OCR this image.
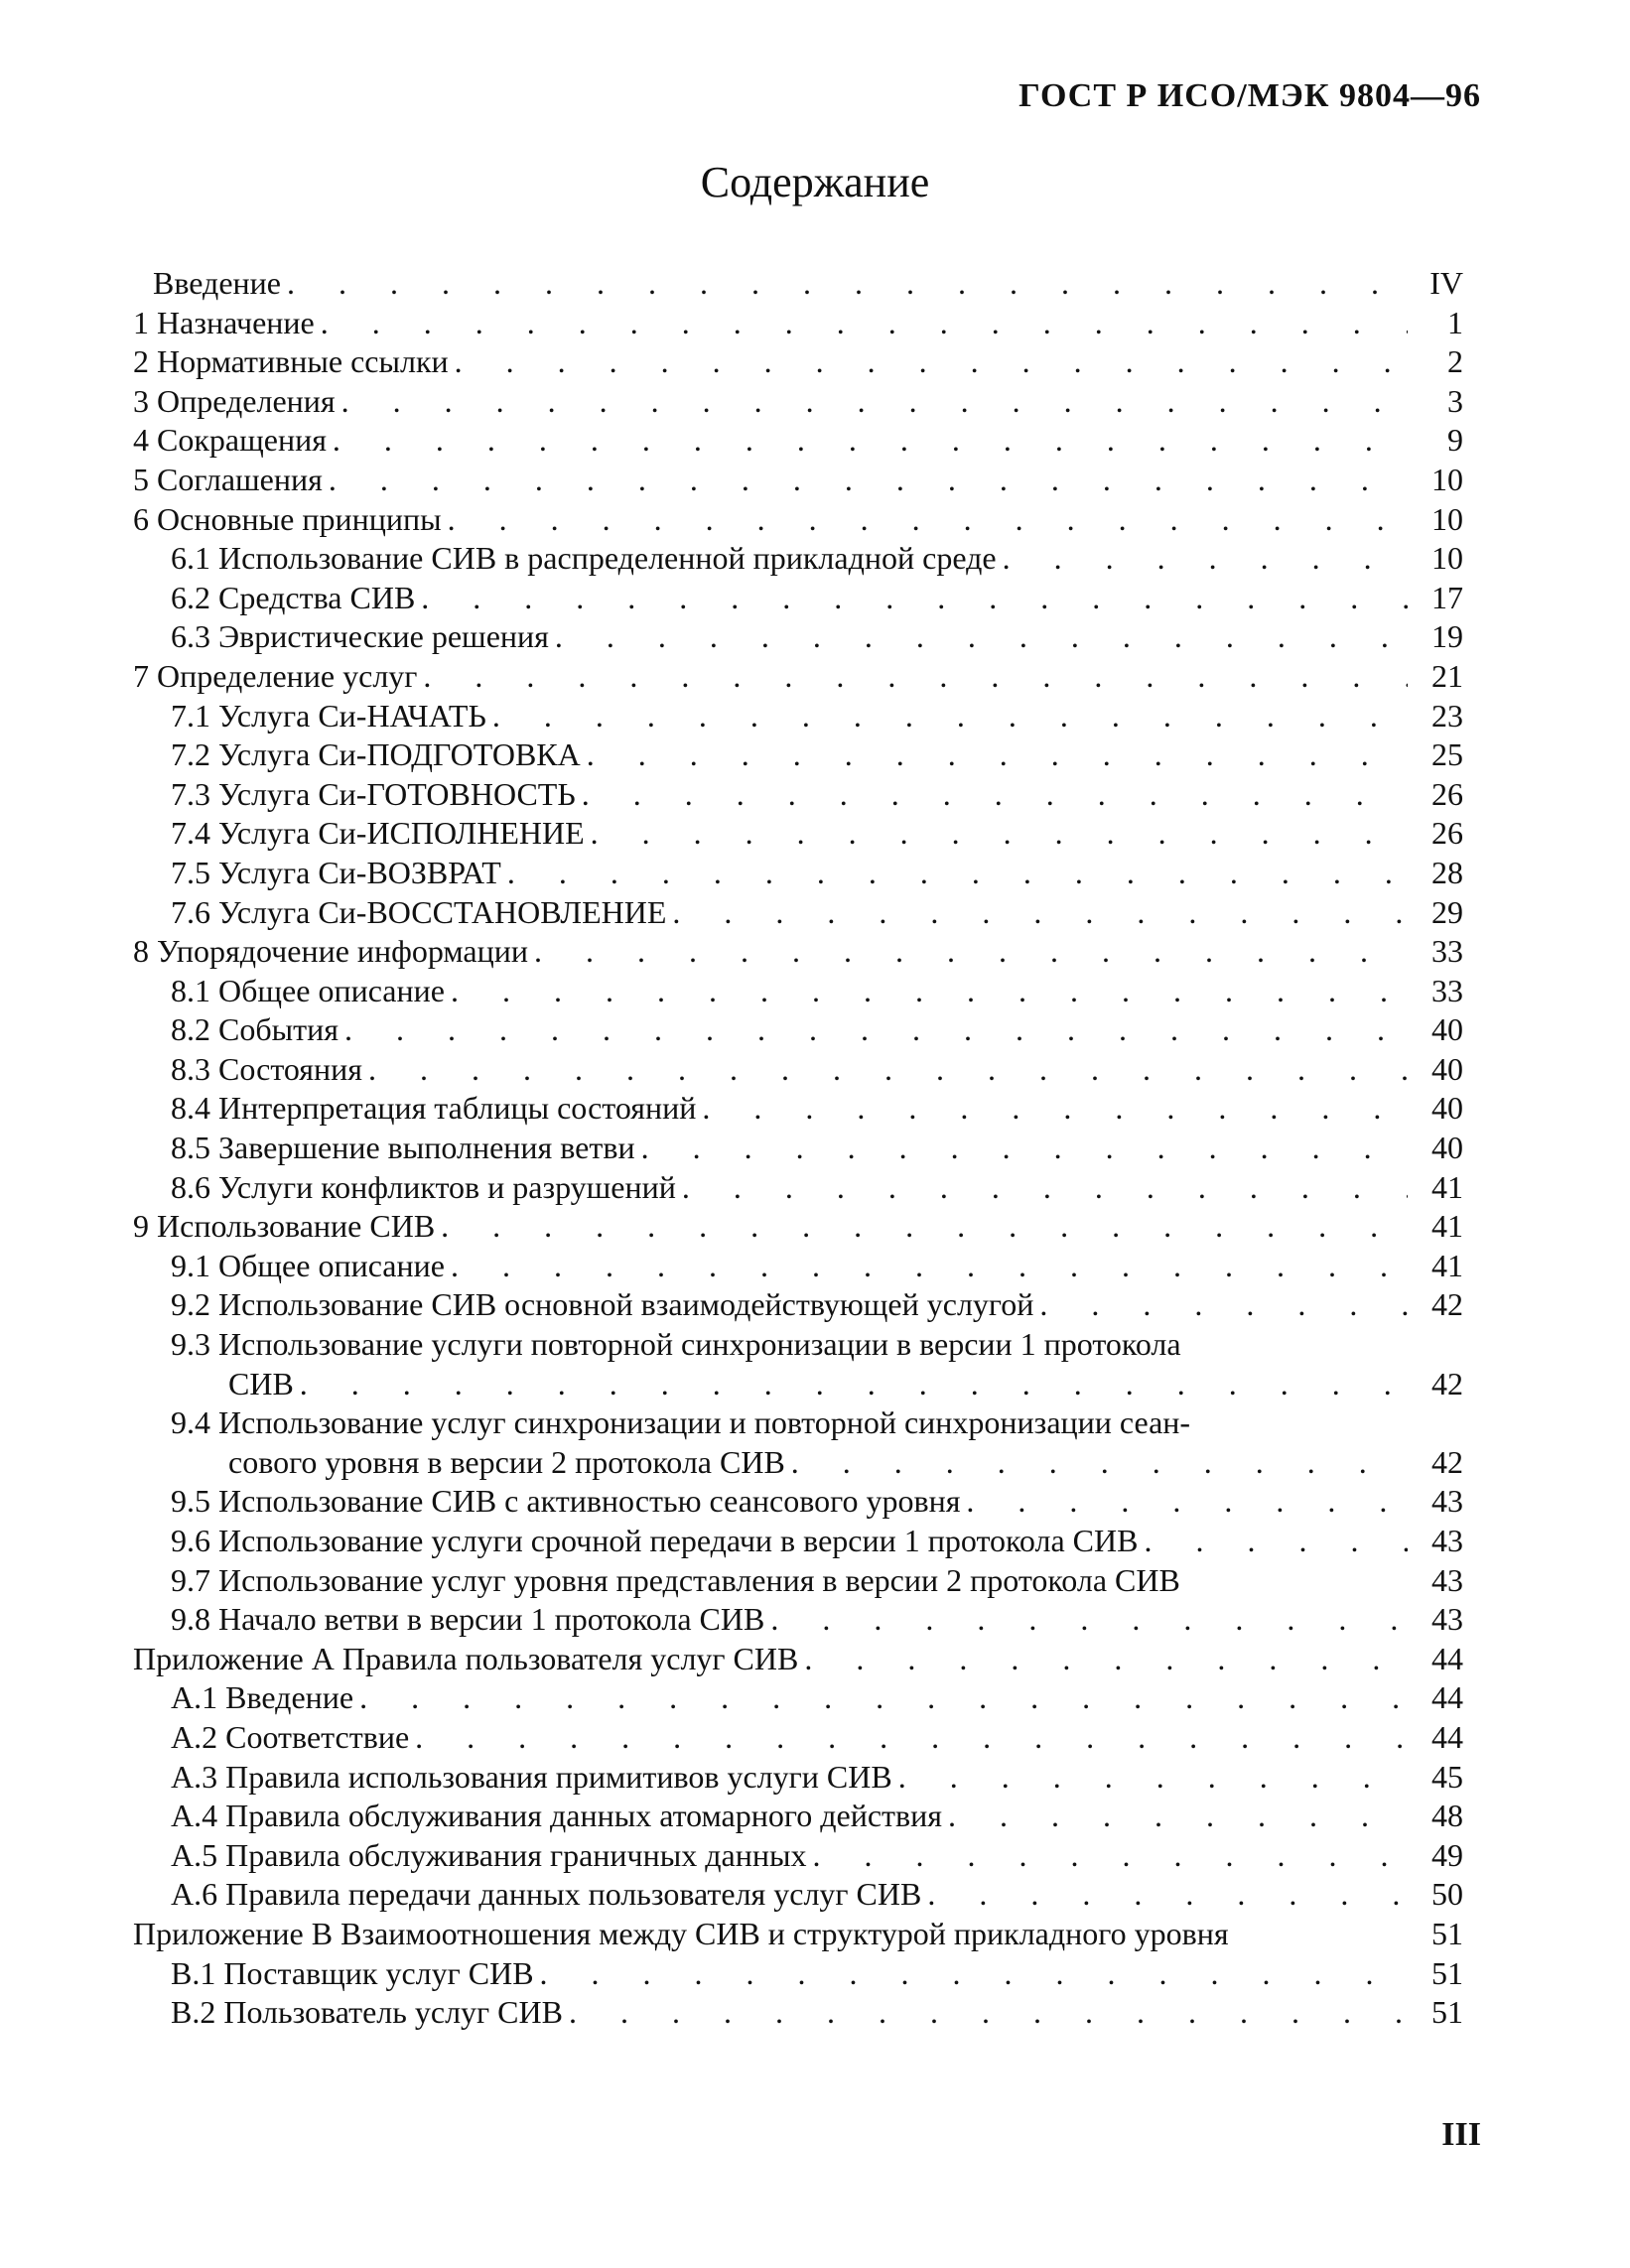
ГОСТ Р ИСО/МЭК 9804—96
Содержание
Введение . . .	IV
1 Назначение . . .	1
2 Нормативные ссылки . . .	2
3 Определения . . .	3
4 Сокращения . . .	9
5 Соглашения . . .	10
6 Основные принципы . . .	10
6.1 Использование СИВ в распределенной прикладной среде . . .	10
6.2 Средства СИВ . . .	17
6.3 Эвристические решения . . .	19
7 Определение услуг . . .	21
7.1 Услуга Си-НАЧАТЬ . . .	23
7.2 Услуга Си-ПОДГОТОВКА . . .	25
7.3 Услуга Си-ГОТОВНОСТЬ . . .	26
7.4 Услуга Си-ИСПОЛНЕНИЕ . . .	26
7.5 Услуга Си-ВОЗВРАТ . . .	28
7.6 Услуга Си-ВОССТАНОВЛЕНИЕ . . .	29
8 Упорядочение информации . . .	33
8.1 Общее описание . . .	33
8.2 События . . .	40
8.3 Состояния . . .	40
8.4 Интерпретация таблицы состояний . . .	40
8.5 Завершение выполнения ветви . . .	40
8.6 Услуги конфликтов и разрушений . . .	41
9 Использование СИВ . . .	41
9.1 Общее описание . . .	41
9.2 Использование СИВ основной взаимодействующей услугой . . .	42
9.3 Использование услуги повторной синхронизации в версии 1 протокола
СИВ . . .	42
9.4 Использование услуг синхронизации и повторной синхронизации сеан-
сового уровня в версии 2 протокола СИВ . . .	42
9.5 Использование СИВ с активностью сеансового уровня . . .	43
9.6 Использование услуги срочной передачи в версии 1 протокола СИВ . . .	43
9.7 Использование услуг уровня представления в версии 2 протокола СИВ	43
9.8 Начало ветви в версии 1 протокола СИВ . . .	43
Приложение А Правила пользователя услуг СИВ . . .	44
А.1 Введение . . .	44
А.2 Соответствие . . .	44
А.3 Правила использования примитивов услуги СИВ . . .	45
А.4 Правила обслуживания данных атомарного действия . . .	48
А.5 Правила обслуживания граничных данных . . .	49
А.6 Правила передачи данных пользователя услуг СИВ . . .	50
Приложение В Взаимоотношения между СИВ и структурой прикладного уровня	51
В.1 Поставщик услуг СИВ . . .	51
В.2 Пользователь услуг СИВ . . .	51
III
